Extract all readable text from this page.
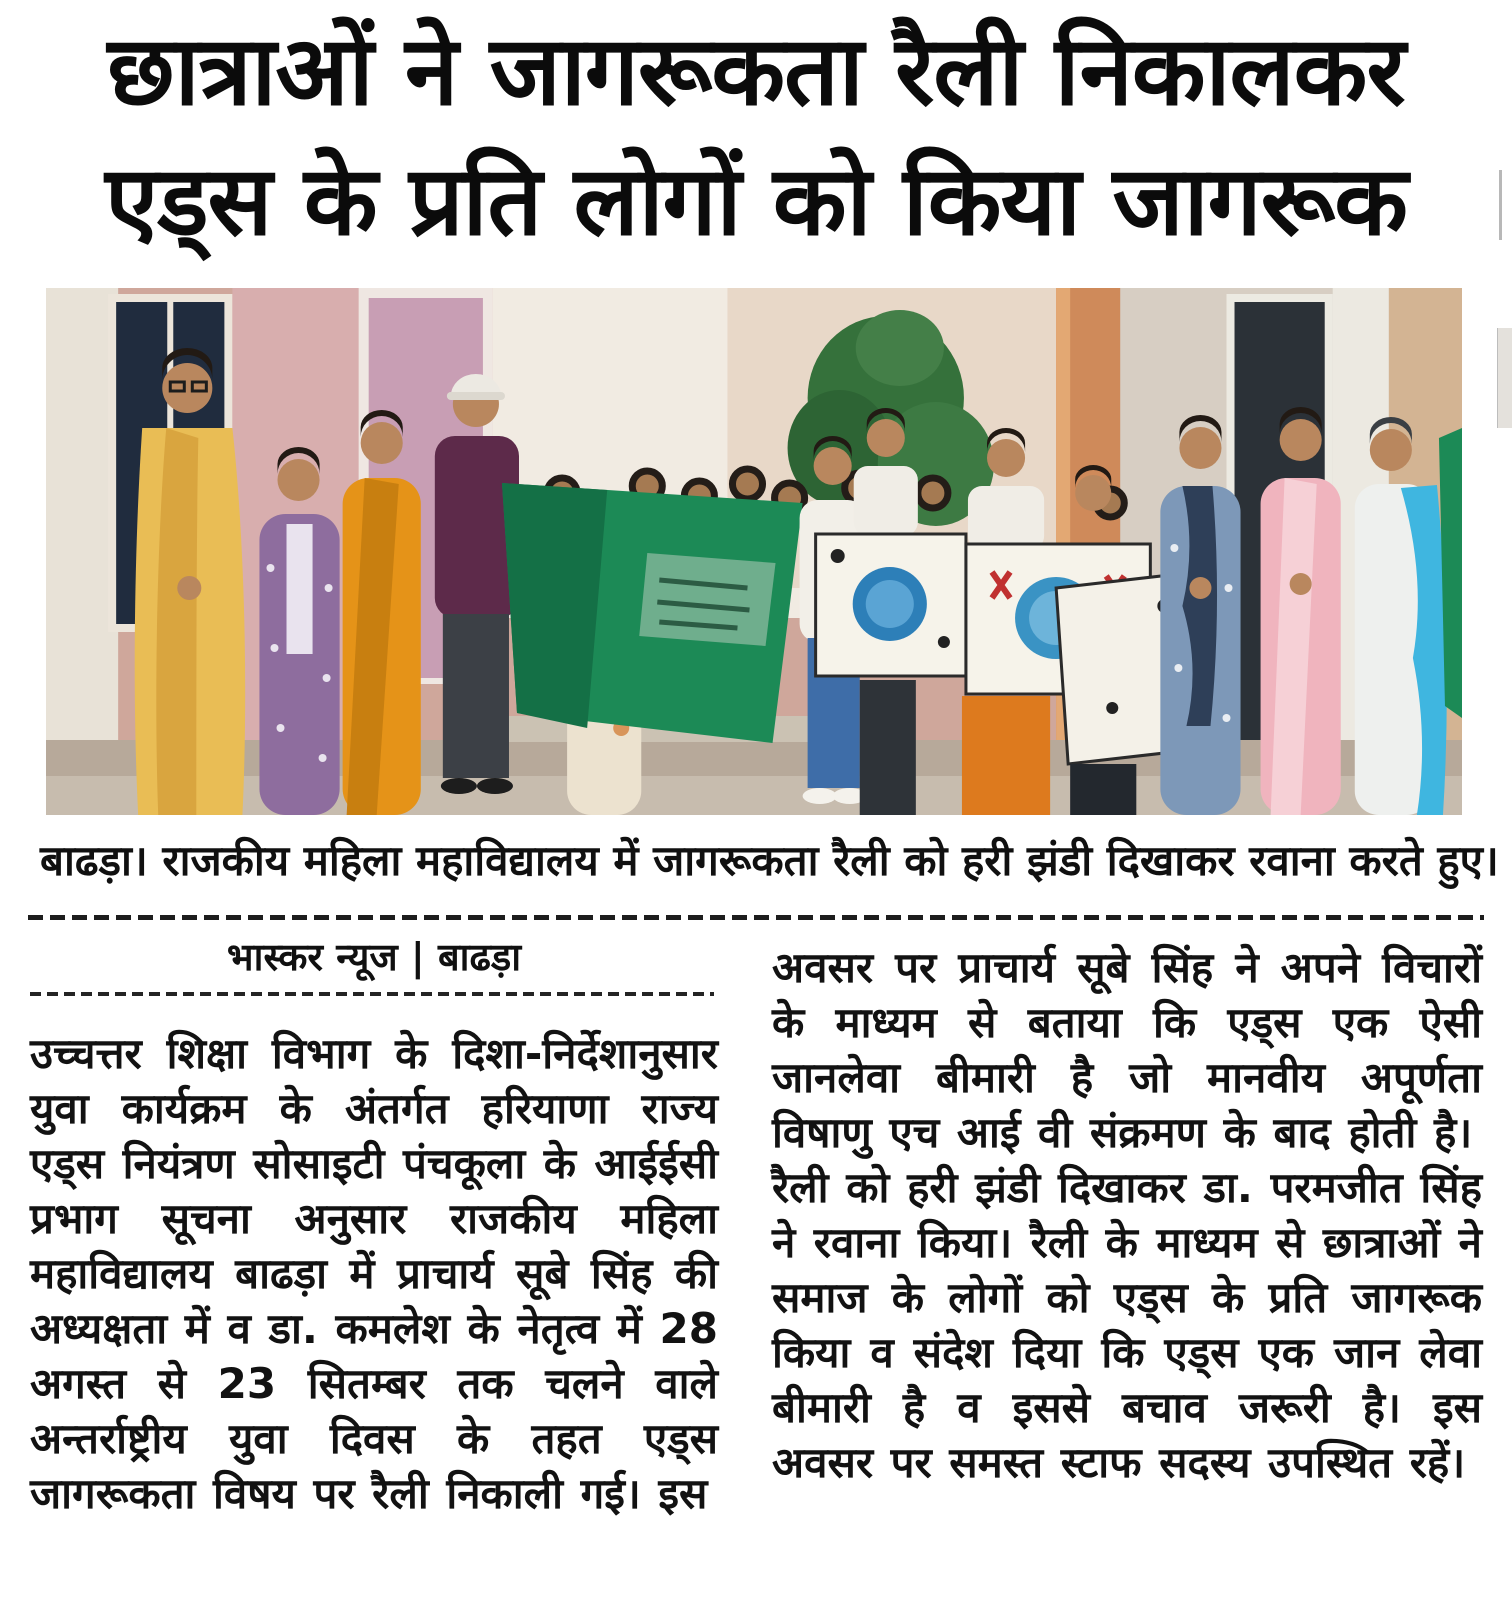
छात्राओं ने जागरूकता रैली निकालकर
एड्स के प्रति लोगों को किया जागरूक
बाढड़ा। राजकीय महिला महाविद्यालय में जागरूकता रैली को हरी झंडी दिखाकर रवाना करते हुए।
भास्कर न्यूज | बाढड़ा

उच्चत्तर शिक्षा विभाग के दिशा-निर्देशानुसार युवा कार्यक्रम के अंतर्गत हरियाणा राज्य एड्स नियंत्रण सोसाइटी पंचकूला के आईईसी प्रभाग सूचना अनुसार राजकीय महिला महाविद्यालय बाढड़ा में प्राचार्य सूबे सिंह की अध्यक्षता में व डा. कमलेश के नेतृत्व में 28 अगस्त से 23 सितम्बर तक चलने वाले अन्तर्राष्ट्रीय युवा दिवस के तहत एड्स जागरूकता विषय पर रैली निकाली गई। इस

अवसर पर प्राचार्य सूबे सिंह ने अपने विचारों के माध्यम से बताया कि एड्स एक ऐसी जानलेवा बीमारी है जो मानवीय अपूर्णता विषाणु एच आई वी संक्रमण के बाद होती है।

रैली को हरी झंडी दिखाकर डा. परमजीत सिंह ने रवाना किया। रैली के माध्यम से छात्राओं ने समाज के लोगों को एड्स के प्रति जागरूक किया व संदेश दिया कि एड्स एक जान लेवा बीमारी है व इससे बचाव जरूरी है। इस अवसर पर समस्त स्टाफ सदस्य उपस्थित रहें।
